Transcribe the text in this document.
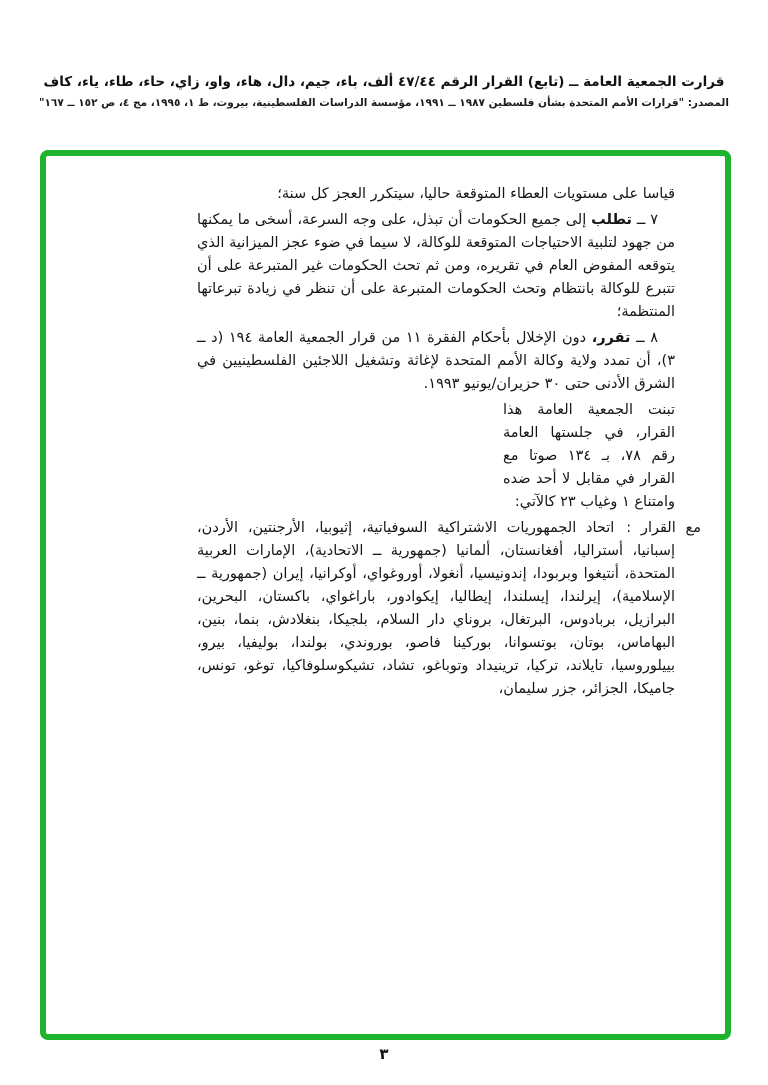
قرارت الجمعية العامة ــ (تابع) القرار الرقم ٤٧/٤٤ ألف، باء، جيم، دال، هاء، واو، زاي، حاء، طاء، ياء، كاف
المصدر: "قرارات الأمم المتحدة بشأن فلسطين ١٩٨٧ ــ ١٩٩١، مؤسسة الدراسات الفلسطينية، بيروت، ط ١، ١٩٩٥، مج ٤، ص ١٥٢ ــ ١٦٧"

قياسا على مستويات العطاء المتوقعة حاليا، سيتكرر العجز كل سنة؛

٧ ــ تطلب إلى جميع الحكومات أن تبذل، على وجه السرعة، أسخى ما يمكنها من جهود لتلبية الاحتياجات المتوقعة للوكالة، لا سيما في ضوء عجز الميزانية الذي يتوقعه المفوض العام في تقريره، ومن ثم تحث الحكومات غير المتبرعة على أن تتبرع للوكالة بانتظام وتحث الحكومات المتبرعة على أن تنظر في زيادة تبرعاتها المنتظمة؛

٨ ــ تقرر، دون الإخلال بأحكام الفقرة ١١ من قرار الجمعية العامة ١٩٤ (د ــ ٣)، أن تمدد ولاية وكالة الأمم المتحدة لإغاثة وتشغيل اللاجئين الفلسطينيين في الشرق الأدنى حتى ٣٠ حزيران/يونيو ١٩٩٣.

تبنت الجمعية العامة هذا القرار، في جلستها العامة رقم ٧٨، بـ ١٣٤ صوتا مع القرار في مقابل لا أحد ضده وامتناع ١ وغياب ٢٣ كالآتي:

مع القرار :اتحاد الجمهوريات الاشتراكية السوفياتية، إثيوبيا، الأرجنتين، الأردن، إسبانيا، أستراليا، أفغانستان، ألمانيا (جمهورية ــ الاتحادية)، الإمارات العربية المتحدة، أنتيغوا وبربودا، إندونيسيا، أنغولا، أوروغواي، أوكرانيا، إيران (جمهورية ــ الإسلامية)، إيرلندا، إيسلندا، إيطاليا، إيكوادور، باراغواي، باكستان، البحرين، البرازيل، بربادوس، البرتغال، بروناي دار السلام، بلجيكا، بنغلادش، بنما، بنين، البهاماس، بوتان، بوتسوانا، بوركينا فاصو، بوروندي، بولندا، بوليفيا، بيرو، بييلوروسيا، تايلاند، تركيا، ترينيداد وتوباغو، تشاد، تشيكوسلوفاكيا، توغو، تونس، جاميكا، الجزائر، جزر سليمان،

٣
